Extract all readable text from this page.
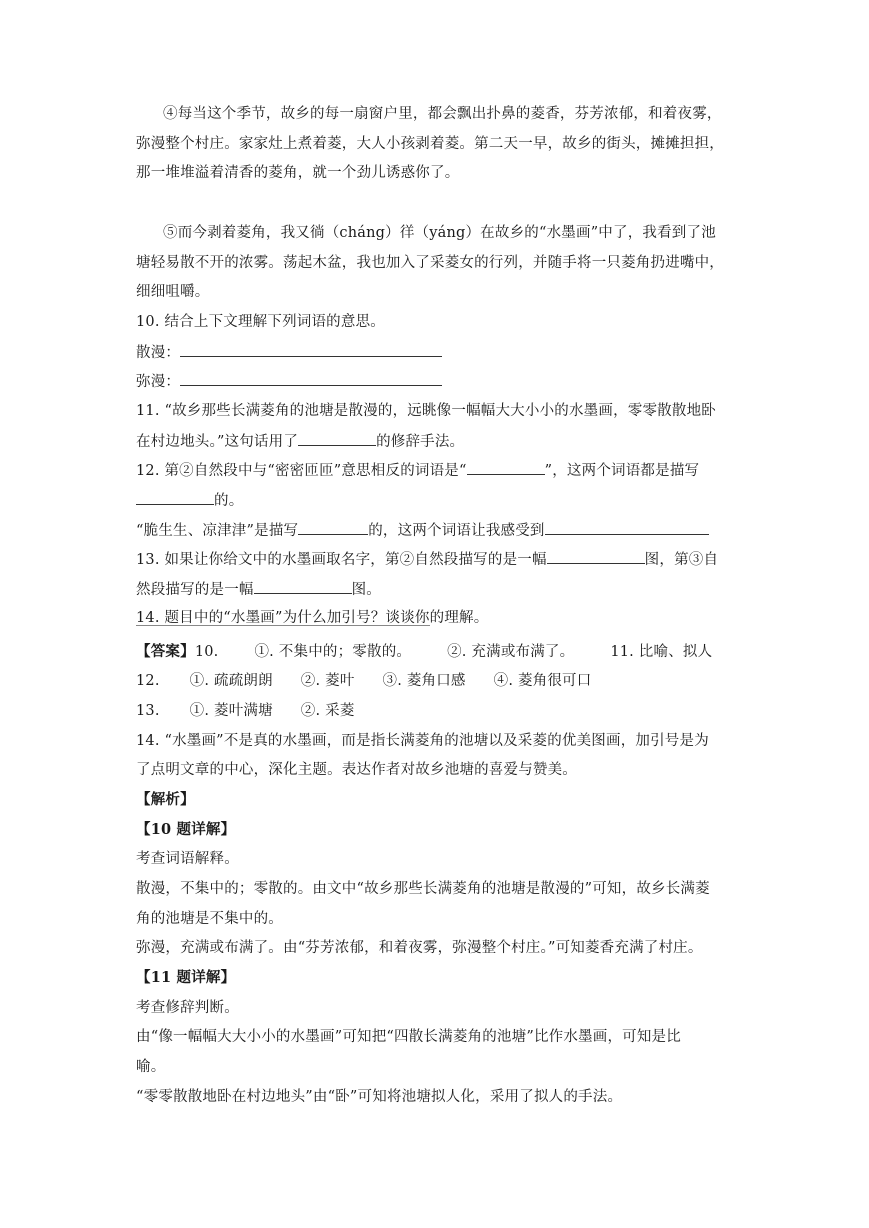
④每当这个季节，故乡的每一扇窗户里，都会飘出扑鼻的菱香，芬芳浓郁，和着夜雾，
弥漫整个村庄。家家灶上煮着菱，大人小孩剥着菱。第二天一早，故乡的街头，摊摊担担，
那一堆堆溢着清香的菱角，就一个劲儿诱惑你了。
⑤而今剥着菱角，我又徜（cháng）徉（yáng）在故乡的“水墨画”中了，我看到了池
塘轻易散不开的浓雾。荡起木盆，我也加入了采菱女的行列，并随手将一只菱角扔进嘴中，
细细咀嚼。
10. 结合上下文理解下列词语的意思。
散漫：
弥漫：
11. “故乡那些长满菱角的池塘是散漫的，远眺像一幅幅大大小小的水墨画，零零散散地卧
在村边地头。”这句话用了	的修辞手法。
12. 第②自然段中与“密密匝匝”意思相反的词语是“	”，这两个词语都是描写
的。
“脆生生、凉津津”是描写	的，这两个词语让我感受到
13. 如果让你给文中的水墨画取名字，第②自然段描写的是一幅	图，第③自
然段描写的是一幅	图。
14. 题目中的“水墨画”为什么加引号？谈谈你的理解。
【答案】10. ①. 不集中的；零散的。 ②. 充满或布满了。 11. 比喻、拟人
12. ①. 疏疏朗朗 ②. 菱叶 ③. 菱角口感 ④. 菱角很可口
13. ①. 菱叶满塘 ②. 采菱
14. “水墨画”不是真的水墨画，而是指长满菱角的池塘以及采菱的优美图画，加引号是为
了点明文章的中心，深化主题。表达作者对故乡池塘的喜爱与赞美。
【解析】
【10 题详解】
考查词语解释。
散漫，不集中的；零散的。由文中“故乡那些长满菱角的池塘是散漫的”可知，故乡长满菱
角的池塘是不集中的。
弥漫，充满或布满了。由“芬芳浓郁，和着夜雾，弥漫整个村庄。”可知菱香充满了村庄。
【11 题详解】
考查修辞判断。
由“像一幅幅大大小小的水墨画”可知把“四散长满菱角的池塘”比作水墨画，可知是比
喻。
“零零散散地卧在村边地头”由“卧”可知将池塘拟人化，采用了拟人的手法。
